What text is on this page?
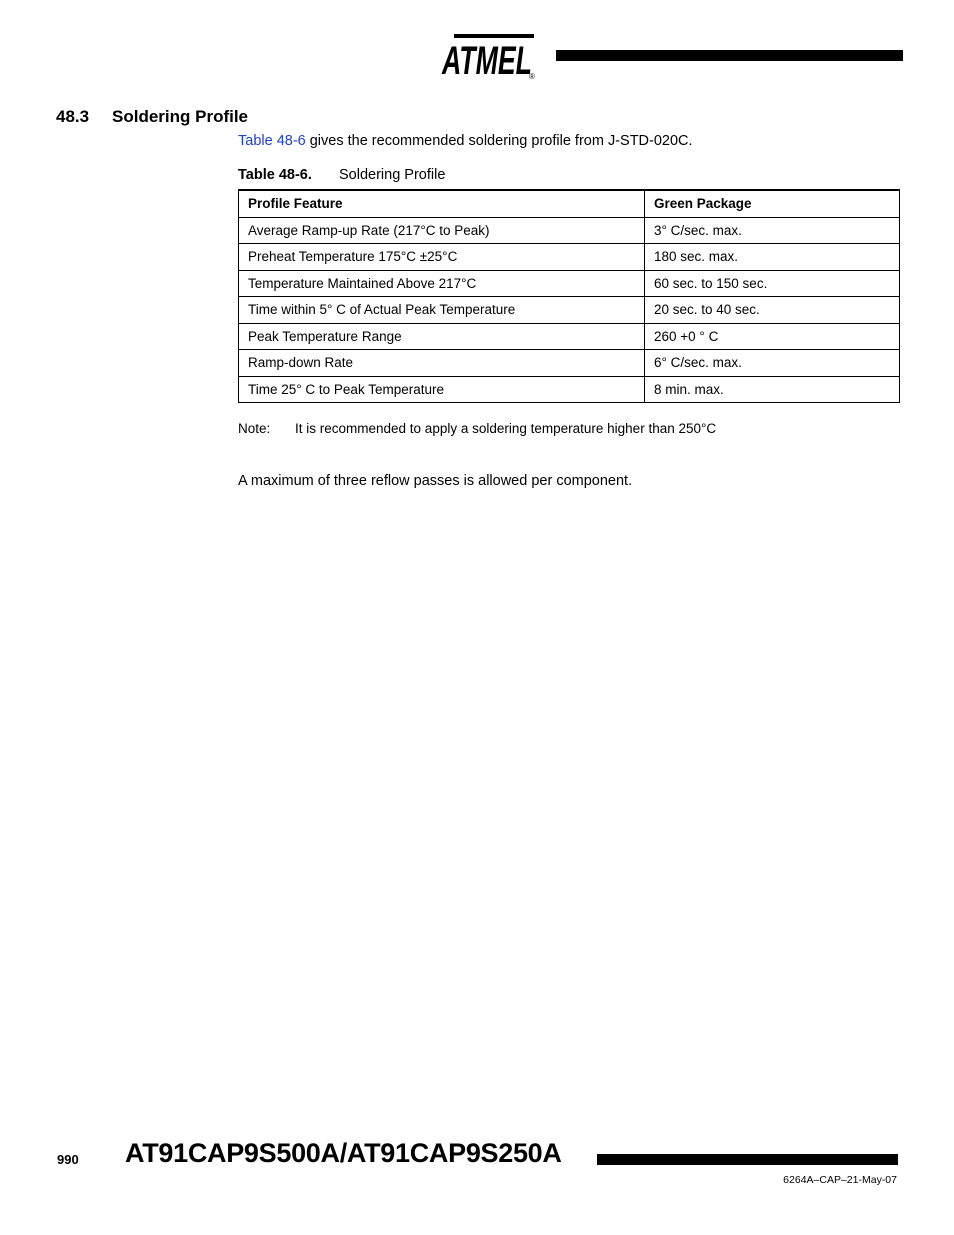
ATMEL
®
48.3 Soldering Profile
Table 48-6 gives the recommended soldering profile from J-STD-020C.
Table 48-6. Soldering Profile
Profile Feature	Green Package
Average Ramp-up Rate (217°C to Peak)	3° C/sec. max.
Preheat Temperature 175°C ±25°C	180 sec. max.
Temperature Maintained Above 217°C	60 sec. to 150 sec.
Time within 5° C of Actual Peak Temperature	20 sec. to 40 sec.
Peak Temperature Range	260 +0 ° C
Ramp-down Rate	6° C/sec. max.
Time 25° C to Peak Temperature	8 min. max.
Note: It is recommended to apply a soldering temperature higher than 250°C
A maximum of three reflow passes is allowed per component.
990 AT91CAP9S500A/AT91CAP9S250A
6264A–CAP–21-May-07
